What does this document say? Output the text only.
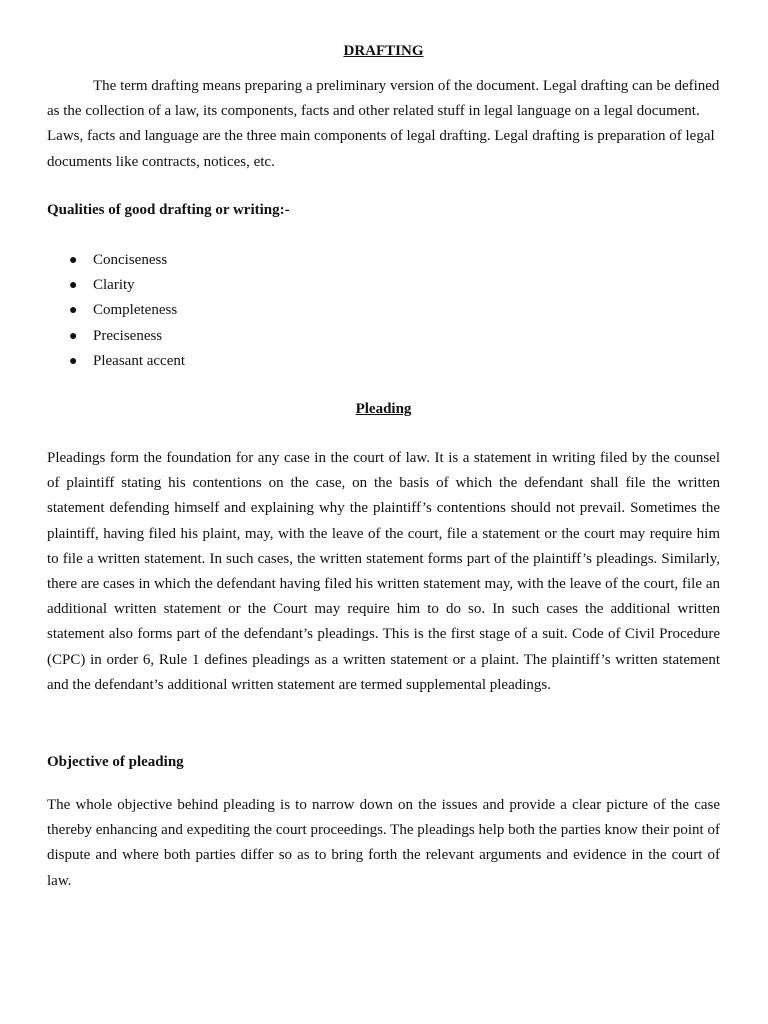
DRAFTING

The term drafting means preparing a preliminary version of the document. Legal drafting can be defined as the collection of a law, its components, facts and other related stuff in legal language on a legal document. Laws, facts and language are the three main components of legal drafting. Legal drafting is preparation of legal documents like contracts, notices, etc.

Qualities of good drafting or writing:-

● Conciseness
● Clarity
● Completeness
● Preciseness
● Pleasant accent
Pleading

Pleadings form the foundation for any case in the court of law. It is a statement in writing filed by the counsel of plaintiff stating his contentions on the case, on the basis of which the defendant shall file the written statement defending himself and explaining why the plaintiff’s contentions should not prevail. Sometimes the plaintiff, having filed his plaint, may, with the leave of the court, file a statement or the court may require him to file a written statement. In such cases, the written statement forms part of the plaintiff’s pleadings. Similarly, there are cases in which the defendant having filed his written statement may, with the leave of the court, file an additional written statement or the Court may require him to do so. In such cases the additional written statement also forms part of the defendant’s pleadings. This is the first stage of a suit. Code of Civil Procedure (CPC) in order 6, Rule 1 defines pleadings as a written statement or a plaint. The plaintiff’s written statement and the defendant’s additional written statement are termed supplemental pleadings.

Objective of pleading

The whole objective behind pleading is to narrow down on the issues and provide a clear picture of the case thereby enhancing and expediting the court proceedings. The pleadings help both the parties know their point of dispute and where both parties differ so as to bring forth the relevant arguments and evidence in the court of law.
